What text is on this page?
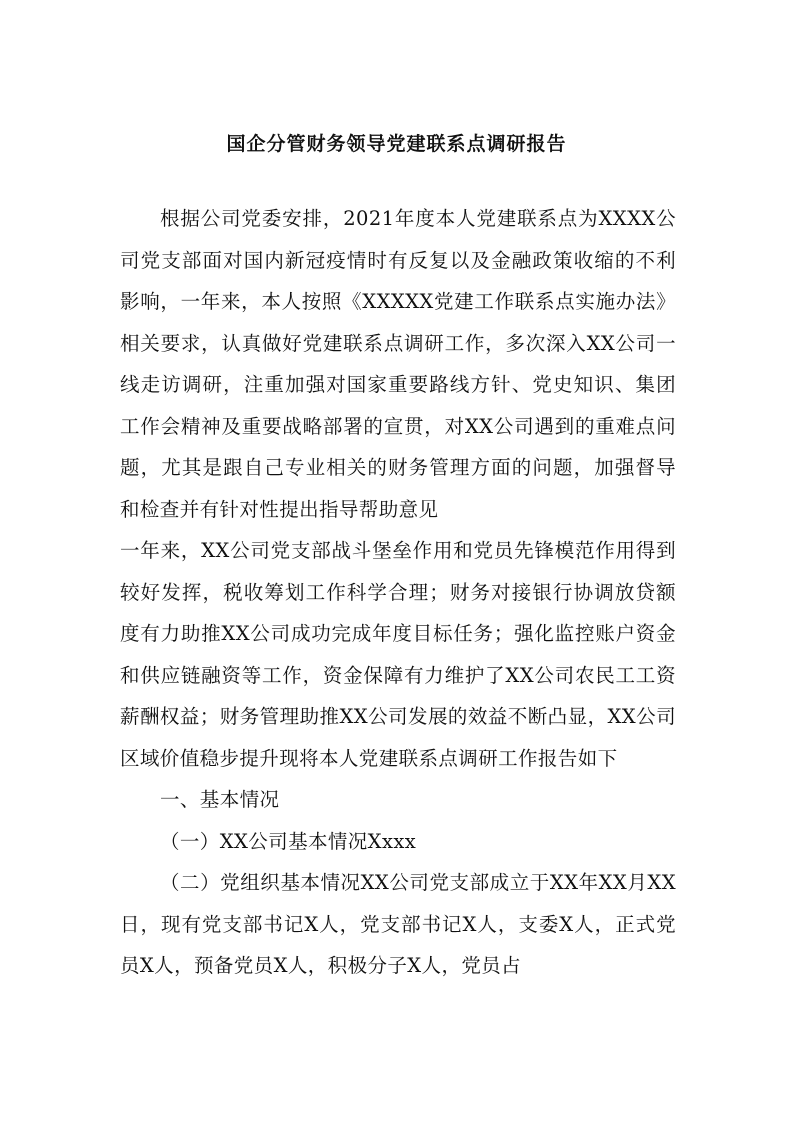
国企分管财务领导党建联系点调研报告

根据公司党委安排，2021年度本人党建联系点为XXXX公司党支部面对国内新冠疫情时有反复以及金融政策收缩的不利影响，一年来，本人按照《XXXXX党建工作联系点实施办法》相关要求，认真做好党建联系点调研工作，多次深入XX公司一线走访调研，注重加强对国家重要路线方针、党史知识、集团工作会精神及重要战略部署的宣贯，对XX公司遇到的重难点问题，尤其是跟自己专业相关的财务管理方面的问题，加强督导和检查并有针对性提出指导帮助意见

一年来，XX公司党支部战斗堡垒作用和党员先锋模范作用得到较好发挥，税收筹划工作科学合理；财务对接银行协调放贷额度有力助推XX公司成功完成年度目标任务；强化监控账户资金和供应链融资等工作，资金保障有力维护了XX公司农民工工资薪酬权益；财务管理助推XX公司发展的效益不断凸显，XX公司区域价值稳步提升现将本人党建联系点调研工作报告如下

一、基本情况

（一）XX公司基本情况Xxxx

（二）党组织基本情况XX公司党支部成立于XX年XX月XX日，现有党支部书记X人，党支部书记X人，支委X人，正式党员X人，预备党员X人，积极分子X人，党员占
